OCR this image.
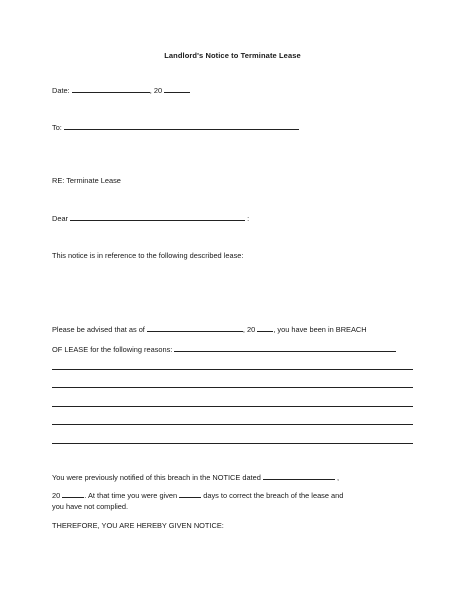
Landlord's Notice to Terminate Lease
Date:	, 20
To:
RE: Terminate Lease
Dear	:
This notice is in reference to the following described lease:
Please be advised that as of	, 20 , you have been in BREACH
OF LEASE for the following reasons:
You were previously notified of this breach in the NOTICE dated	,
20	. At that time you were given	days to correct the breach of the lease and
you have not complied.
THEREFORE, YOU ARE HEREBY GIVEN NOTICE:
